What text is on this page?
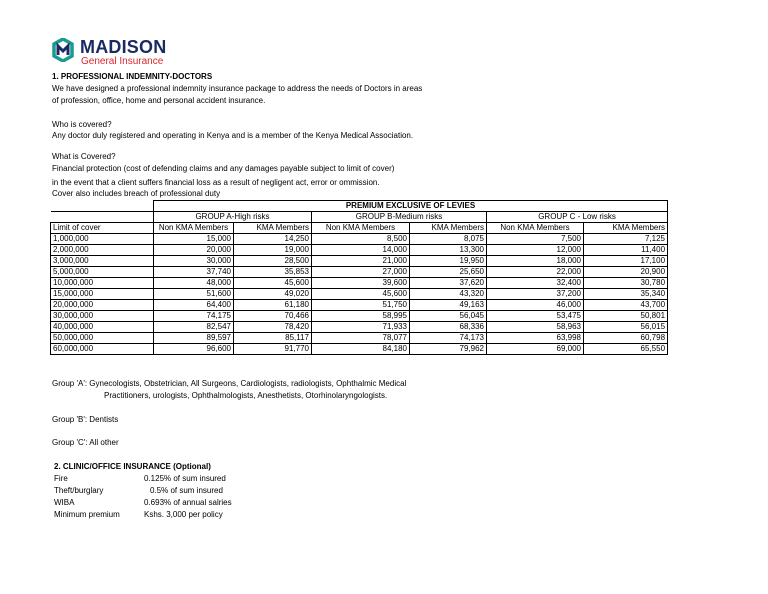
MADISON
General Insurance
1. PROFESSIONAL INDEMNITY-DOCTORS
We have designed a professional indemnity insurance package to address the needs of Doctors in areas
of profession, office, home and personal accident insurance.
Who is covered?
Any doctor duly registered and operating in Kenya and is a member of the Kenya Medical Association.
What is Covered?
Financial protection (cost of defending claims and any damages payable subject to limit of cover)
in the event that a client suffers financial loss as a result of negligent act, error or ommission.
Cover also includes breach of professional duty
	PREMIUM EXCLUSIVE OF LEVIES					
	GROUP A-High risks		GROUP B-Medium risks		GROUP C - Low risks	
Limit of cover	Non KMA Members	KMA Members	Non KMA Members	KMA Members	Non KMA Members	KMA Members
1,000,000	15,000	14,250	8,500	8,075	7,500	7,125
2,000,000	20,000	19,000	14,000	13,300	12,000	11,400
3,000,000	30,000	28,500	21,000	19,950	18,000	17,100
5,000,000	37,740	35,853	27,000	25,650	22,000	20,900
10,000,000	48,000	45,600	39,600	37,620	32,400	30,780
15,000,000	51,600	49,020	45,600	43,320	37,200	35,340
20,000,000	64,400	61,180	51,750	49,163	46,000	43,700
30,000,000	74,175	70,466	58,995	56,045	53,475	50,801
40,000,000	82,547	78,420	71,933	68,336	58,963	56,015
50,000,000	89,597	85,117	78,077	74,173	63,998	60,798
60,000,000	96,600	91,770	84,180	79,962	69,000	65,550
Group 'A': Gynecologists, Obstetrician, All Surgeons, Cardiologists, radiologists, Ophthalmic Medical
Practitioners, urologists, Ophthalmologists, Anesthetists, Otorhinolaryngologists.
Group 'B': Dentists
Group 'C': All other
2. CLINIC/OFFICE INSURANCE (Optional)
Fire	0.125% of sum insured
Theft/burglary	0.5% of sum insured
WIBA	0.693% of annual salries
Minimum premium	Kshs. 3,000 per policy
